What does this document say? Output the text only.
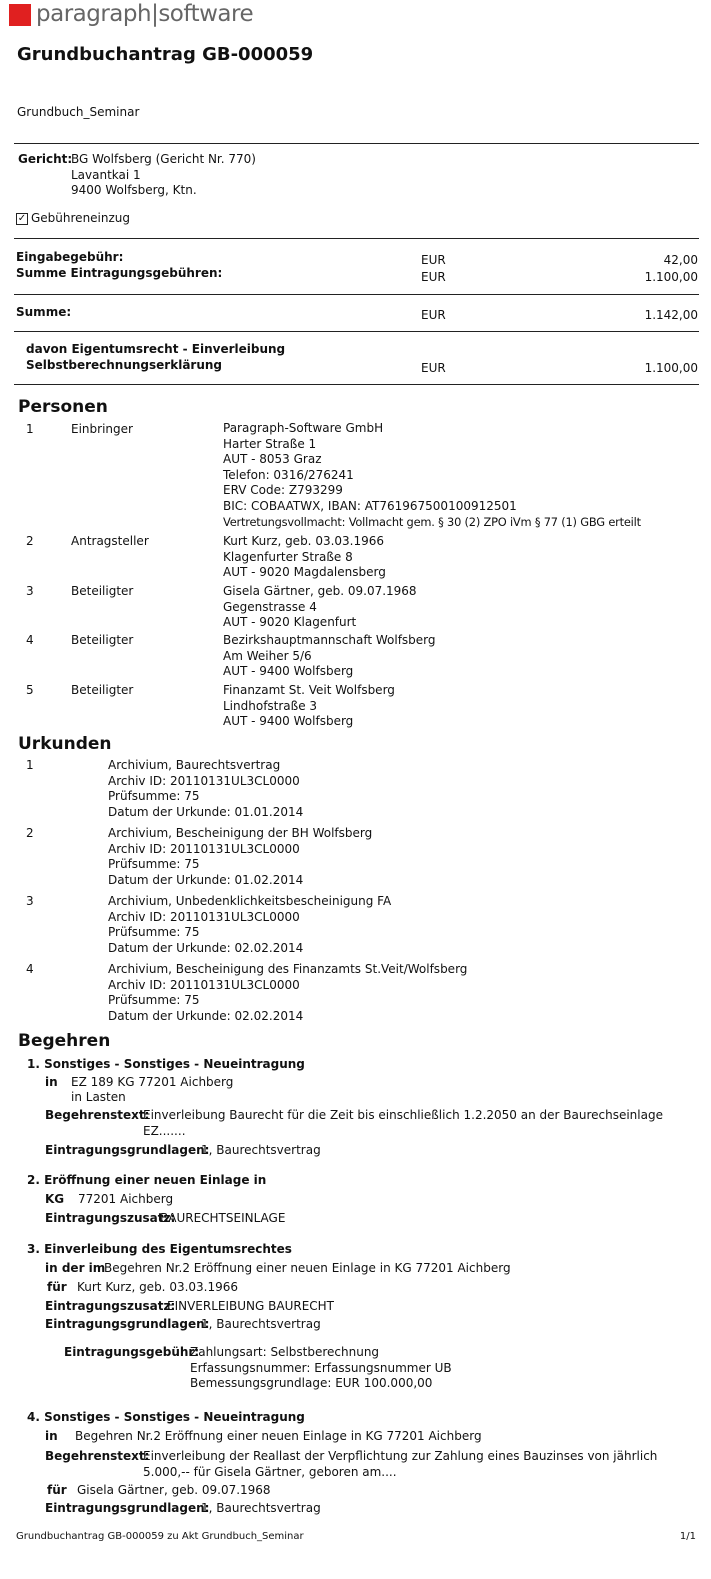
paragraph|software
Grundbuchantrag GB-000059
Grundbuch_Seminar
Gericht:
BG Wolfsberg (Gericht Nr. 770)
Lavantkai 1
9400 Wolfsberg, Ktn.
✓ Gebühreneinzug
Eingabegebühr:	EUR	42,00
Summe Eintragungsgebühren:	EUR	1.100,00
Summe:	EUR	1.142,00
davon Eigentumsrecht - Einverleibung
Selbstberechnungserklärung	EUR	1.100,00
Personen
1	Einbringer	Paragraph-Software GmbH
Harter Straße 1
AUT - 8053 Graz
Telefon: 0316/276241
ERV Code: Z793299
BIC: COBAATWX, IBAN: AT761967500100912501
Vertretungsvollmacht: Vollmacht gem. § 30 (2) ZPO iVm § 77 (1) GBG erteilt
2	Antragsteller	Kurt Kurz, geb. 03.03.1966
Klagenfurter Straße 8
AUT - 9020 Magdalensberg
3	Beteiligter	Gisela Gärtner, geb. 09.07.1968
Gegenstrasse 4
AUT - 9020 Klagenfurt
4	Beteiligter	Bezirkshauptmannschaft Wolfsberg
Am Weiher 5/6
AUT - 9400 Wolfsberg
5	Beteiligter	Finanzamt St. Veit Wolfsberg
Lindhofstraße 3
AUT - 9400 Wolfsberg
Urkunden
1	Archivium, Baurechtsvertrag
Archiv ID: 20110131UL3CL0000
Prüfsumme: 75
Datum der Urkunde: 01.01.2014
2	Archivium, Bescheinigung der BH Wolfsberg
Archiv ID: 20110131UL3CL0000
Prüfsumme: 75
Datum der Urkunde: 01.02.2014
3	Archivium, Unbedenklichkeitsbescheinigung FA
Archiv ID: 20110131UL3CL0000
Prüfsumme: 75
Datum der Urkunde: 02.02.2014
4	Archivium, Bescheinigung des Finanzamts St.Veit/Wolfsberg
Archiv ID: 20110131UL3CL0000
Prüfsumme: 75
Datum der Urkunde: 02.02.2014
Begehren
1. Sonstiges - Sonstiges - Neueintragung
in EZ 189 KG 77201 Aichberg
in Lasten
Begehrenstext:
Einverleibung Baurecht für die Zeit bis einschließlich 1.2.2050 an der Baurechseinlage
EZ.......
Eintragungsgrundlagen:
1, Baurechtsvertrag
2. Eröffnung einer neuen Einlage in
KG 77201 Aichberg
Eintragungszusatz:
BAURECHTSEINLAGE
3. Einverleibung des Eigentumsrechtes
in der im
Begehren Nr.2 Eröffnung einer neuen Einlage in KG 77201 Aichberg
für Kurt Kurz, geb. 03.03.1966
Eintragungszusatz:
EINVERLEIBUNG BAURECHT
Eintragungsgrundlagen:
1, Baurechtsvertrag
Eintragungsgebühr:
Zahlungsart: Selbstberechnung
Erfassungsnummer: Erfassungsnummer UB
Bemessungsgrundlage: EUR 100.000,00
4. Sonstiges - Sonstiges - Neueintragung
in Begehren Nr.2 Eröffnung einer neuen Einlage in KG 77201 Aichberg
Begehrenstext:
Einverleibung der Reallast der Verpflichtung zur Zahlung eines Bauzinses von jährlich
5.000,-- für Gisela Gärtner, geboren am....
für Gisela Gärtner, geb. 09.07.1968
Eintragungsgrundlagen:
1, Baurechtsvertrag
Grundbuchantrag GB-000059 zu Akt Grundbuch_Seminar	1/1
